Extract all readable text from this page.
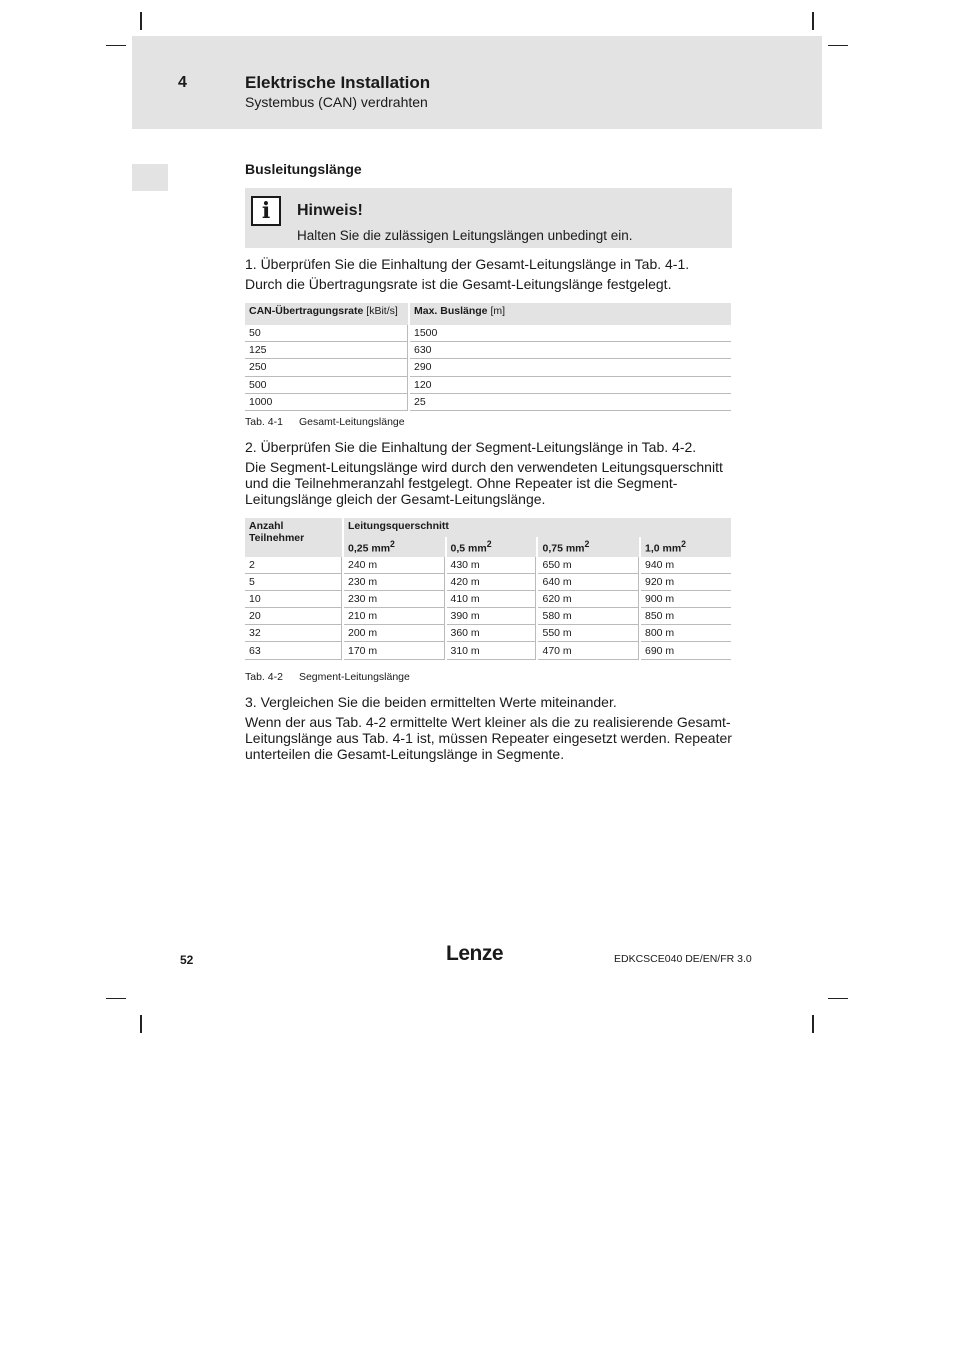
4	Elektrische Installation
Systembus (CAN) verdrahten
Busleitungslänge
i	Hinweis!
Halten Sie die zulässigen Leitungslängen unbedingt ein.
1. Überprüfen Sie die Einhaltung der Gesamt-Leitungslänge in Tab. 4-1.
Durch die Übertragungsrate ist die Gesamt-Leitungslänge festgelegt.
CAN-Übertragungsrate [kBit/s]	Max. Buslänge [m]
50	1500
125	630
250	290
500	120
1000	25
Tab. 4-1 Gesamt-Leitungslänge
2. Überprüfen Sie die Einhaltung der Segment-Leitungslänge in Tab. 4-2.
Die Segment-Leitungslänge wird durch den verwendeten Leitungsquerschnitt und die Teilnehmeranzahl festgelegt. Ohne Repeater ist die Segment-Leitungslänge gleich der Gesamt-Leitungslänge.
Anzahl Teilnehmer	Leitungsquerschnitt			
	0,25 $mm^2$	0,5 $mm^2$	0,75 $mm^2$	1,0 $mm^2$
2	240 m	430 m	650 m	940 m
5	230 m	420 m	640 m	920 m
10	230 m	410 m	620 m	900 m
20	210 m	390 m	580 m	850 m
32	200 m	360 m	550 m	800 m
63	170 m	310 m	470 m	690 m
Tab. 4-2 Segment-Leitungslänge
3. Vergleichen Sie die beiden ermittelten Werte miteinander.
Wenn der aus Tab. 4-2 ermittelte Wert kleiner als die zu realisierende Gesamt-Leitungslänge aus Tab. 4-1 ist, müssen Repeater eingesetzt werden. Repeater unterteilen die Gesamt-Leitungslänge in Segmente.
52	Lenze	EDKCSCE040 DE/EN/FR 3.0
